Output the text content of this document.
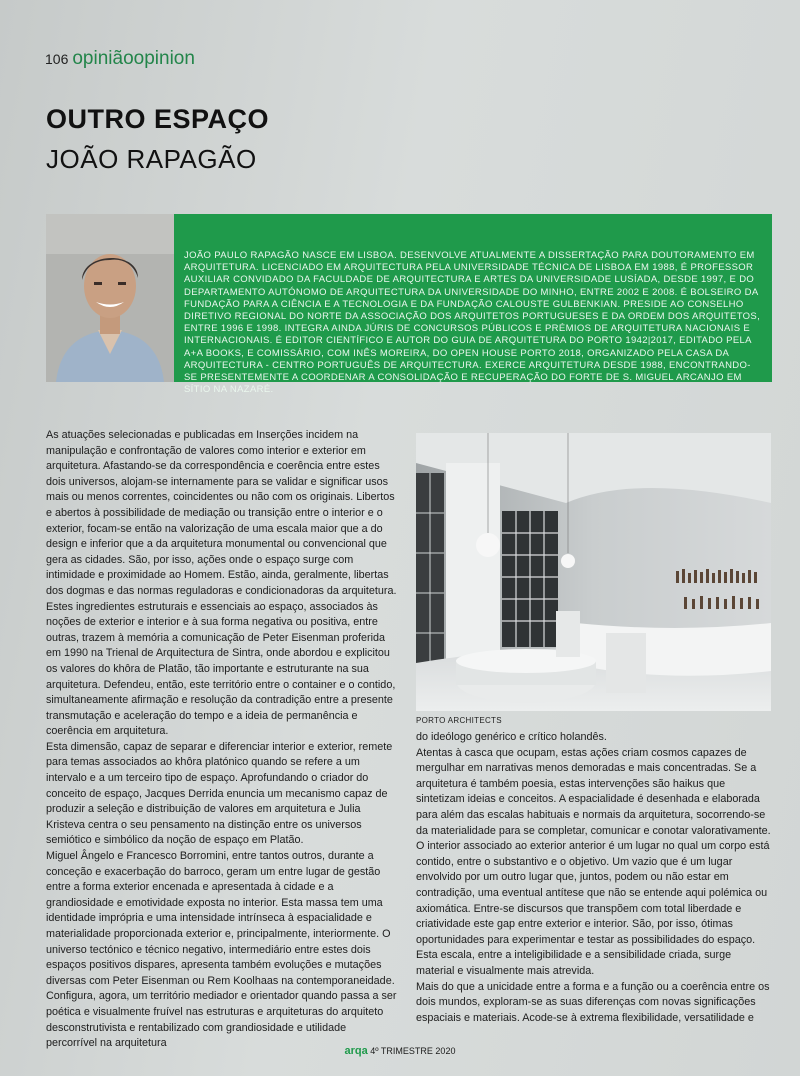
106 opiniãoopinion
OUTRO ESPAÇO
JOÃO RAPAGÃO
JOÃO PAULO RAPAGÃO NASCE EM LISBOA. DESENVOLVE ATUALMENTE A DISSERTAÇÃO PARA DOUTORAMENTO EM ARQUITETURA. LICENCIADO EM ARQUITECTURA PELA UNIVERSIDADE TÉCNICA DE LISBOA EM 1988, É PROFESSOR AUXILIAR CONVIDADO DA FACULDADE DE ARQUITECTURA E ARTES DA UNIVERSIDADE LUSÍADA, DESDE 1997, E DO DEPARTAMENTO AUTÓNOMO DE ARQUITECTURA DA UNIVERSIDADE DO MINHO, ENTRE 2002 E 2008. É BOLSEIRO DA FUNDAÇÃO PARA A CIÊNCIA E A TECNOLOGIA E DA FUNDAÇÃO CALOUSTE GULBENKIAN. PRESIDE AO CONSELHO DIRETIVO REGIONAL DO NORTE DA ASSOCIAÇÃO DOS ARQUITETOS PORTUGUESES E DA ORDEM DOS ARQUITETOS, ENTRE 1996 E 1998. INTEGRA AINDA JÚRIS DE CONCURSOS PÚBLICOS E PRÉMIOS DE ARQUITETURA NACIONAIS E INTERNACIONAIS. É EDITOR CIENTÍFICO E AUTOR DO GUIA DE ARQUITETURA DO PORTO 1942|2017, EDITADO PELA A+A BOOKS, E COMISSÁRIO, COM INÊS MOREIRA, DO OPEN HOUSE PORTO 2018, ORGANIZADO PELA CASA DA ARQUITECTURA - CENTRO PORTUGUÊS DE ARQUITECTURA. EXERCE ARQUITETURA DESDE 1988, ENCONTRANDO-SE PRESENTEMENTE A COORDENAR A CONSOLIDAÇÃO E RECUPERAÇÃO DO FORTE DE S. MIGUEL ARCANJO EM SÍTIO NA NAZARÉ.

As atuações selecionadas e publicadas em Inserções incidem na manipulação e confrontação de valores como interior e exterior em arquitetura. Afastando-se da correspondência e coerência entre estes dois universos, alojam-se internamente para se validar e significar usos mais ou menos correntes, coincidentes ou não com os originais. Libertos e abertos à possibilidade de mediação ou transição entre o interior e o exterior, focam-se então na valorização de uma escala maior que a do design e inferior que a da arquitetura monumental ou convencional que gera as cidades. São, por isso, ações onde o espaço surge com intimidade e proximidade ao Homem. Estão, ainda, geralmente, libertas dos dogmas e das normas reguladoras e condicionadoras da arquitetura.

Estes ingredientes estruturais e essenciais ao espaço, associados às noções de exterior e interior e à sua forma negativa ou positiva, entre outras, trazem à memória a comunicação de Peter Eisenman proferida em 1990 na Trienal de Arquitectura de Sintra, onde abordou e explicitou os valores do khôra de Platão, tão importante e estruturante na sua arquitetura. Defendeu, então, este território entre o container e o contido, simultaneamente afirmação e resolução da contradição entre a presente transmutação e aceleração do tempo e a ideia de permanência e coerência em arquitetura.

Esta dimensão, capaz de separar e diferenciar interior e exterior, remete para temas associados ao khôra platónico quando se refere a um intervalo e a um terceiro tipo de espaço. Aprofundando o criador do conceito de espaço, Jacques Derrida enuncia um mecanismo capaz de produzir a seleção e distribuição de valores em arquitetura e Julia Kristeva centra o seu pensamento na distinção entre os universos semiótico e simbólico da noção de espaço em Platão.

Miguel Ângelo e Francesco Borromini, entre tantos outros, durante a conceção e exacerbação do barroco, geram um entre lugar de gestão entre a forma exterior encenada e apresentada à cidade e a grandiosidade e emotividade exposta no interior. Esta massa tem uma identidade imprópria e uma intensidade intrínseca à espacialidade e materialidade proporcionada exterior e, principalmente, interiormente. O universo tectónico e técnico negativo, intermediário entre estes dois espaços positivos dispares, apresenta também evoluções e mutações diversas com Peter Eisenman ou Rem Koolhaas na contemporaneidade. Configura, agora, um território mediador e orientador quando passa a ser poética e visualmente fruível nas estruturas e arquiteturas do arquiteto desconstrutivista e rentabilizado com grandiosidade e utilidade percorrível na arquitetura

PORTO ARCHITECTS

do ideólogo genérico e crítico holandês.

Atentas à casca que ocupam, estas ações criam cosmos capazes de mergulhar em narrativas menos demoradas e mais concentradas. Se a arquitetura é também poesia, estas intervenções são haikus que sintetizam ideias e conceitos. A espacialidade é desenhada e elaborada para além das escalas habituais e normais da arquitetura, socorrendo-se da materialidade para se completar, comunicar e conotar valorativamente.

O interior associado ao exterior anterior é um lugar no qual um corpo está contido, entre o substantivo e o objetivo. Um vazio que é um lugar envolvido por um outro lugar que, juntos, podem ou não estar em contradição, uma eventual antítese que não se entende aqui polémica ou axiomática. Entre-se discursos que transpõem com total liberdade e criatividade este gap entre exterior e interior. São, por isso, ótimas oportunidades para experimentar e testar as possibilidades do espaço. Esta escala, entre a inteligibilidade e a sensibilidade criada, surge material e visualmente mais atrevida.

Mais do que a unicidade entre a forma e a função ou a coerência entre os dois mundos, exploram-se as suas diferenças com novas significações espaciais e materiais. Acode-se à extrema flexibilidade, versatilidade e

arqa 4º TRIMESTRE 2020
